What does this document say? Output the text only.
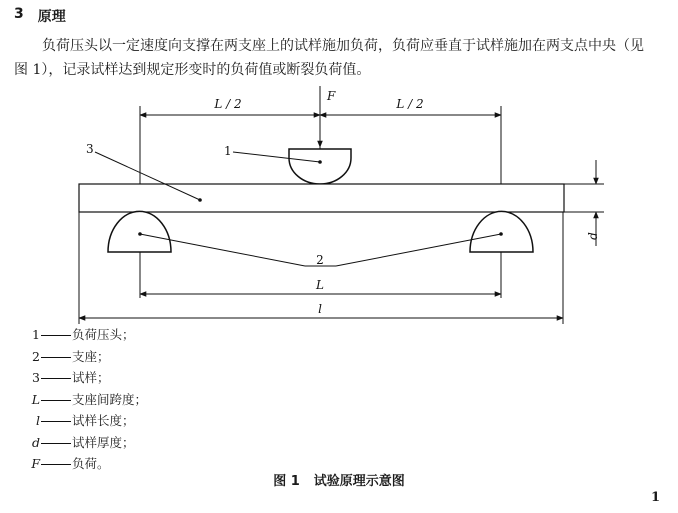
3 原理
负荷压头以一定速度向支撑在两支座上的试样施加负荷，负荷应垂直于试样施加在两支点中央（见
图 1），记录试样达到规定形变时的负荷值或断裂负荷值。
L / 2	L / 2
F
d
L
l
1
3
2
1	负荷压头；
2	支座；
3	试样；
L	支座间跨度；
l	试样长度；
d	试样厚度；
F	负荷。
图 1 试验原理示意图
1
